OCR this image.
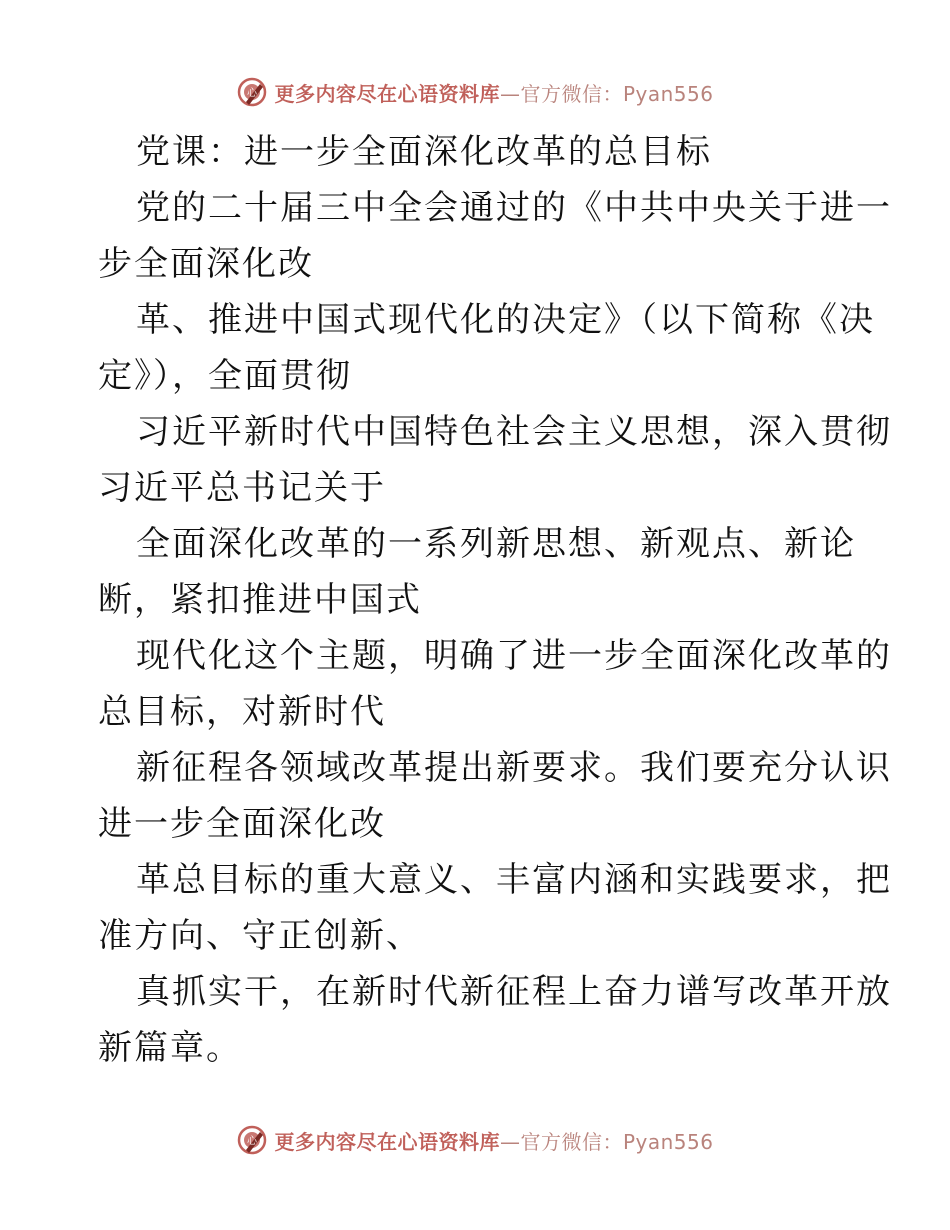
心 更多内容尽在心语资料库—官方微信：Pyan556
党课：进一步全面深化改革的总目标
党的二十届三中全会通过的《中共中央关于进一
步全面深化改
革、推进中国式现代化的决定》（以下简称《决
定》），全面贯彻
习近平新时代中国特色社会主义思想，深入贯彻
习近平总书记关于
全面深化改革的一系列新思想、新观点、新论
断，紧扣推进中国式
现代化这个主题，明确了进一步全面深化改革的
总目标，对新时代
新征程各领域改革提出新要求。我们要充分认识
进一步全面深化改
革总目标的重大意义、丰富内涵和实践要求，把
准方向、守正创新、
真抓实干，在新时代新征程上奋力谱写改革开放
新篇章。
心 更多内容尽在心语资料库—官方微信：Pyan556
